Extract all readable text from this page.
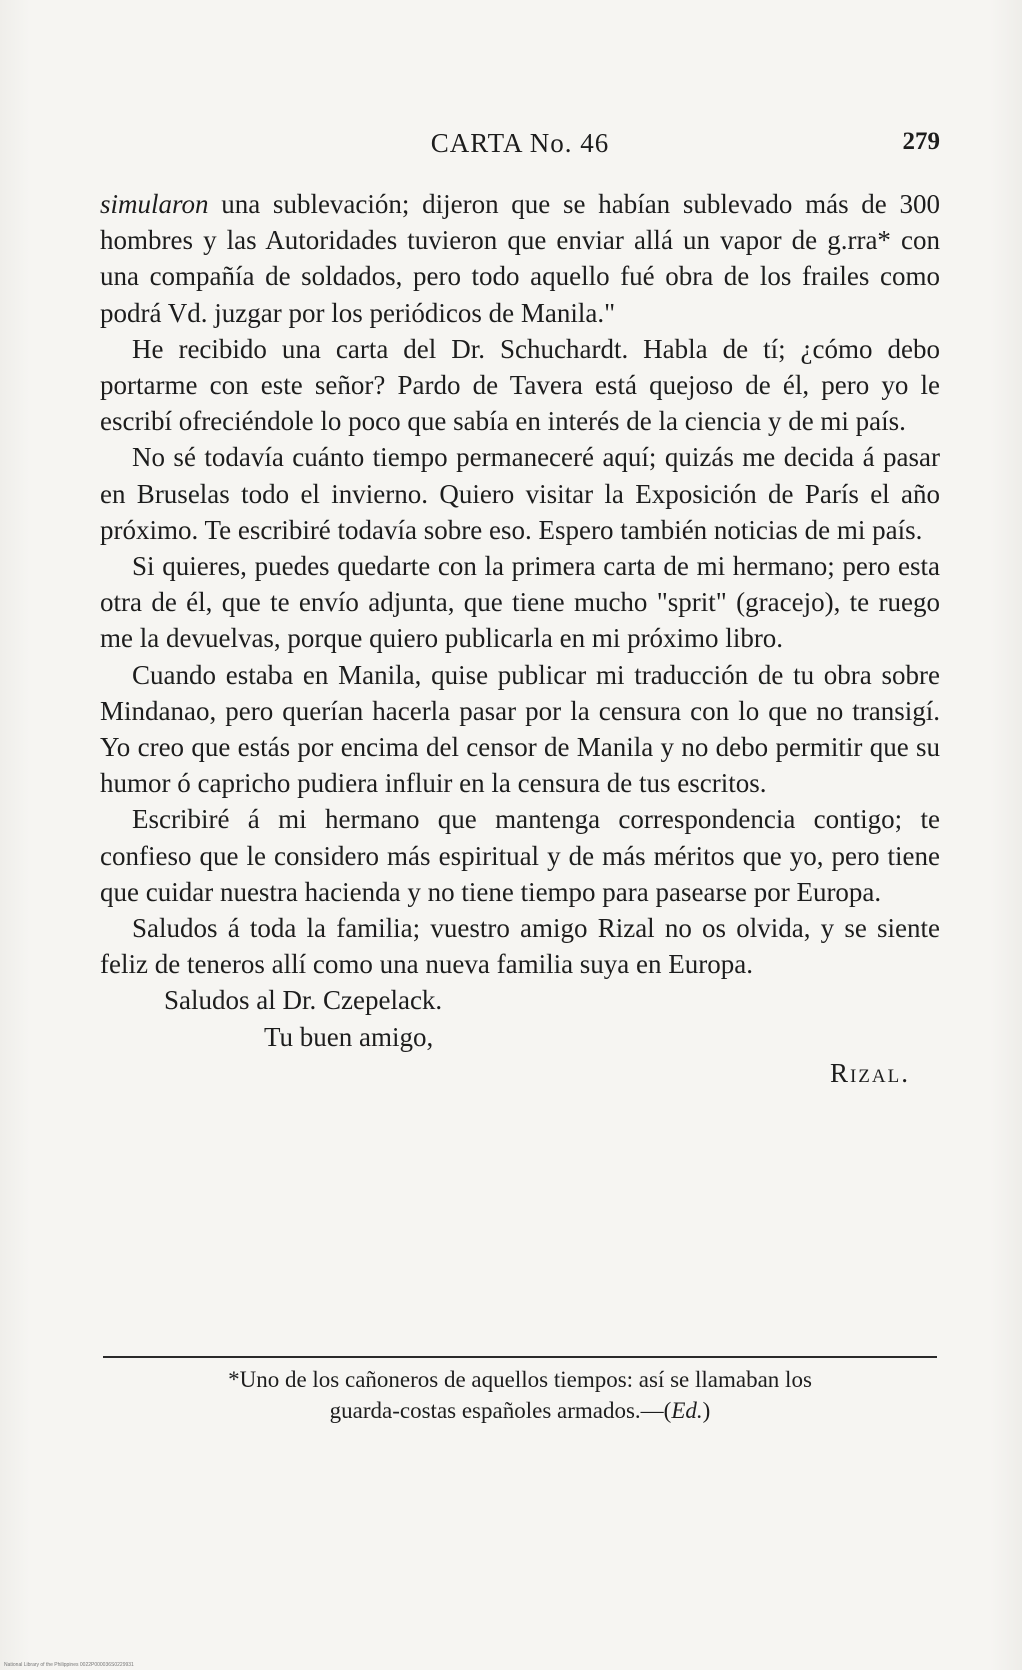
CARTA No. 46	279

simularon una sublevación; dijeron que se habían sublevado más de 300 hombres y las Autoridades tuvieron que enviar allá un vapor de g.rra* con una compañía de soldados, pero todo aquello fué obra de los frailes como podrá Vd. juzgar por los periódicos de Manila."

He recibido una carta del Dr. Schuchardt. Habla de tí; ¿cómo debo portarme con este señor? Pardo de Tavera está quejoso de él, pero yo le escribí ofreciéndole lo poco que sabía en interés de la ciencia y de mi país.

No sé todavía cuánto tiempo permaneceré aquí; quizás me decida á pasar en Bruselas todo el invierno. Quiero visitar la Exposición de París el año próximo. Te escribiré todavía sobre eso. Espero también noticias de mi país.

Si quieres, puedes quedarte con la primera carta de mi hermano; pero esta otra de él, que te envío adjunta, que tiene mucho "sprit" (gracejo), te ruego me la devuelvas, porque quiero publicarla en mi próximo libro.

Cuando estaba en Manila, quise publicar mi traducción de tu obra sobre Mindanao, pero querían hacerla pasar por la censura con lo que no transigí. Yo creo que estás por encima del censor de Manila y no debo permitir que su humor ó capricho pudiera influir en la censura de tus escritos.

Escribiré á mi hermano que mantenga correspondencia contigo; te confieso que le considero más espiritual y de más méritos que yo, pero tiene que cuidar nuestra hacienda y no tiene tiempo para pasearse por Europa.

Saludos á toda la familia; vuestro amigo Rizal no os olvida, y se siente feliz de teneros allí como una nueva familia suya en Europa.

Saludos al Dr. Czepelack.

Tu buen amigo,

Rizal.

*Uno de los cañoneros de aquellos tiempos: así se llamaban los
guarda-costas españoles armados.—(Ed.)
National Library of the Philippines 0022P000036S0229931
